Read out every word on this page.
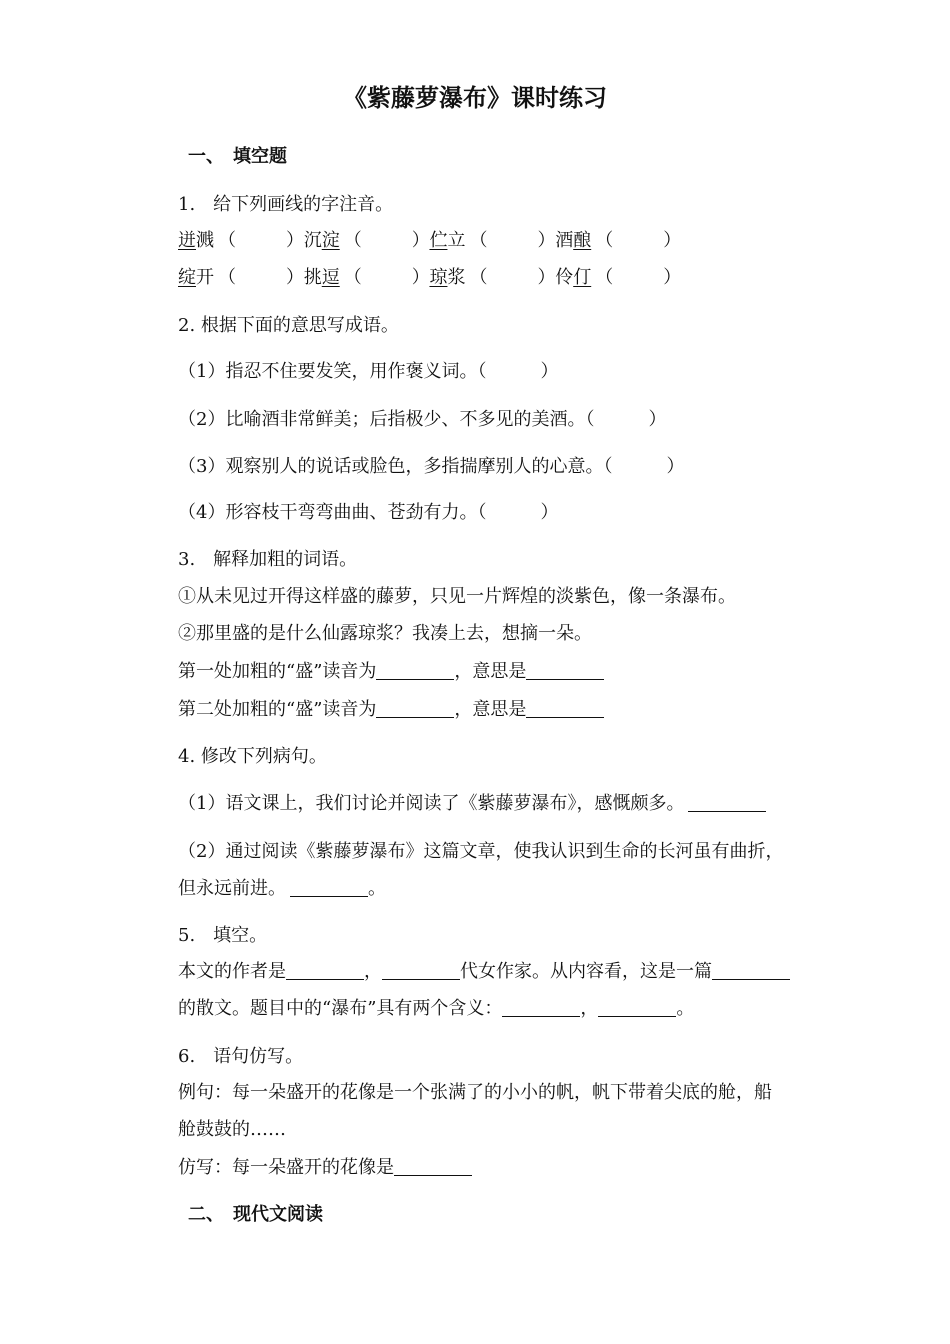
《紫藤萝瀑布》课时练习
一、　填空题
1.　给下列画线的字注音。
迸溅 （	） 沉淀 （	） 伫立 （	） 酒酿 （	）
绽开 （	） 挑逗 （	） 琼浆 （	） 伶仃 （	）
2. 根据下面的意思写成语。
（1）指忍不住要发笑，用作褒义词。（　　　）
（2）比喻酒非常鲜美；后指极少、不多见的美酒。（　　　）
（3）观察别人的说话或脸色，多指揣摩别人的心意。（　　　）
（4）形容枝干弯弯曲曲、苍劲有力。（　　　）
3.　解释加粗的词语。
①从未见过开得这样盛的藤萝，只见一片辉煌的淡紫色，像一条瀑布。
②那里盛的是什么仙露琼浆？我凑上去，想摘一朵。
第一处加粗的“盛”读音为	，意思是
第二处加粗的“盛”读音为	，意思是
4. 修改下列病句。
（1）语文课上，我们讨论并阅读了《紫藤萝瀑布》，感慨颇多。
（2）通过阅读《紫藤萝瀑布》这篇文章，使我认识到生命的长河虽有曲折，
但永远前进。	。
5.　填空。
本文的作者是	，	代女作家。从内容看，这是一篇
的散文。题目中的“瀑布”具有两个含义：	，	。
6.　语句仿写。
例句：每一朵盛开的花像是一个张满了的小小的帆，帆下带着尖底的舱，船
舱鼓鼓的……
仿写：每一朵盛开的花像是
二、　现代文阅读
